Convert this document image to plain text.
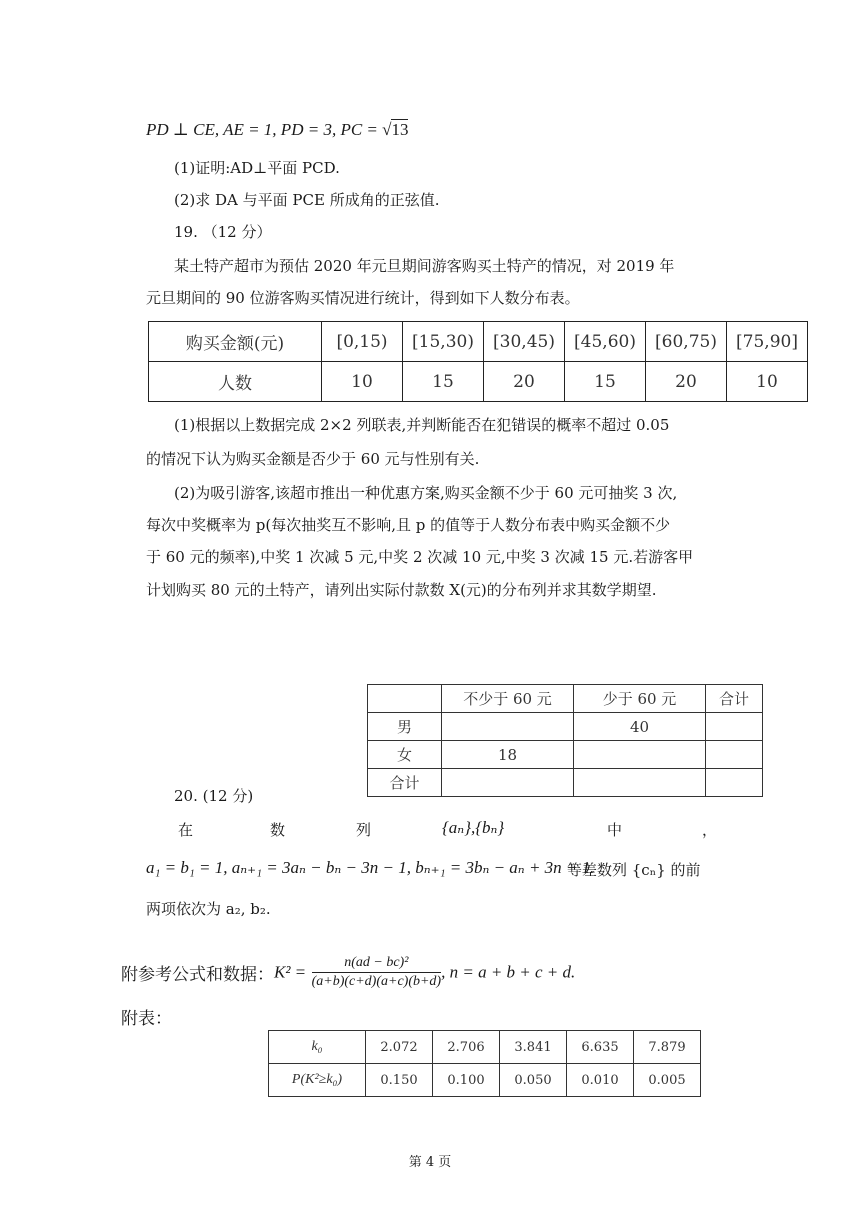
PD ⊥ CE, AE = 1, PD = 3, PC = √13
(1)证明:AD⊥平面 PCD.
(2)求 DA 与平面 PCE 所成角的正弦值.
19. （12 分）
某土特产超市为预估 2020 年元旦期间游客购买土特产的情况，对 2019 年
元旦期间的 90 位游客购买情况进行统计，得到如下人数分布表。
购买金额(元)	[0,15)	[15,30)	[30,45)	[45,60)	[60,75)	[75,90]
人数	10	15	20	15	20	10
(1)根据以上数据完成 2×2 列联表,并判断能否在犯错误的概率不超过 0.05
的情况下认为购买金额是否少于 60 元与性别有关.
(2)为吸引游客,该超市推出一种优惠方案,购买金额不少于 60 元可抽奖 3 次,
每次中奖概率为 p(每次抽奖互不影响,且 p 的值等于人数分布表中购买金额不少
于 60 元的频率),中奖 1 次减 5 元,中奖 2 次减 10 元,中奖 3 次减 15 元.若游客甲
计划购买 80 元的土特产，请列出实际付款数 X(元)的分布列并求其数学期望.
	不少于 60 元	少于 60 元	合计
男		40	
女	18		
合计			
20. (12 分)
在	数	列	{aₙ},{bₙ}	中	，
a₁ = b₁ = 1, aₙ₊₁ = 3aₙ − bₙ − 3n − 1, bₙ₊₁ = 3bₙ − aₙ + 3n + 1.
等差数列 {cₙ} 的前
两项依次为 a₂, b₂.
附参考公式和数据：$K^2 = \frac{\text{n(ad − bc)²}}{(a+b)(c+d)(a+c)(b+d)}$ , n = a + b + c + d.
附表：
k₀	2.072	2.706	3.841	6.635	7.879
P(K²≥k₀)	0.150	0.100	0.050	0.010	0.005
第 4 页
